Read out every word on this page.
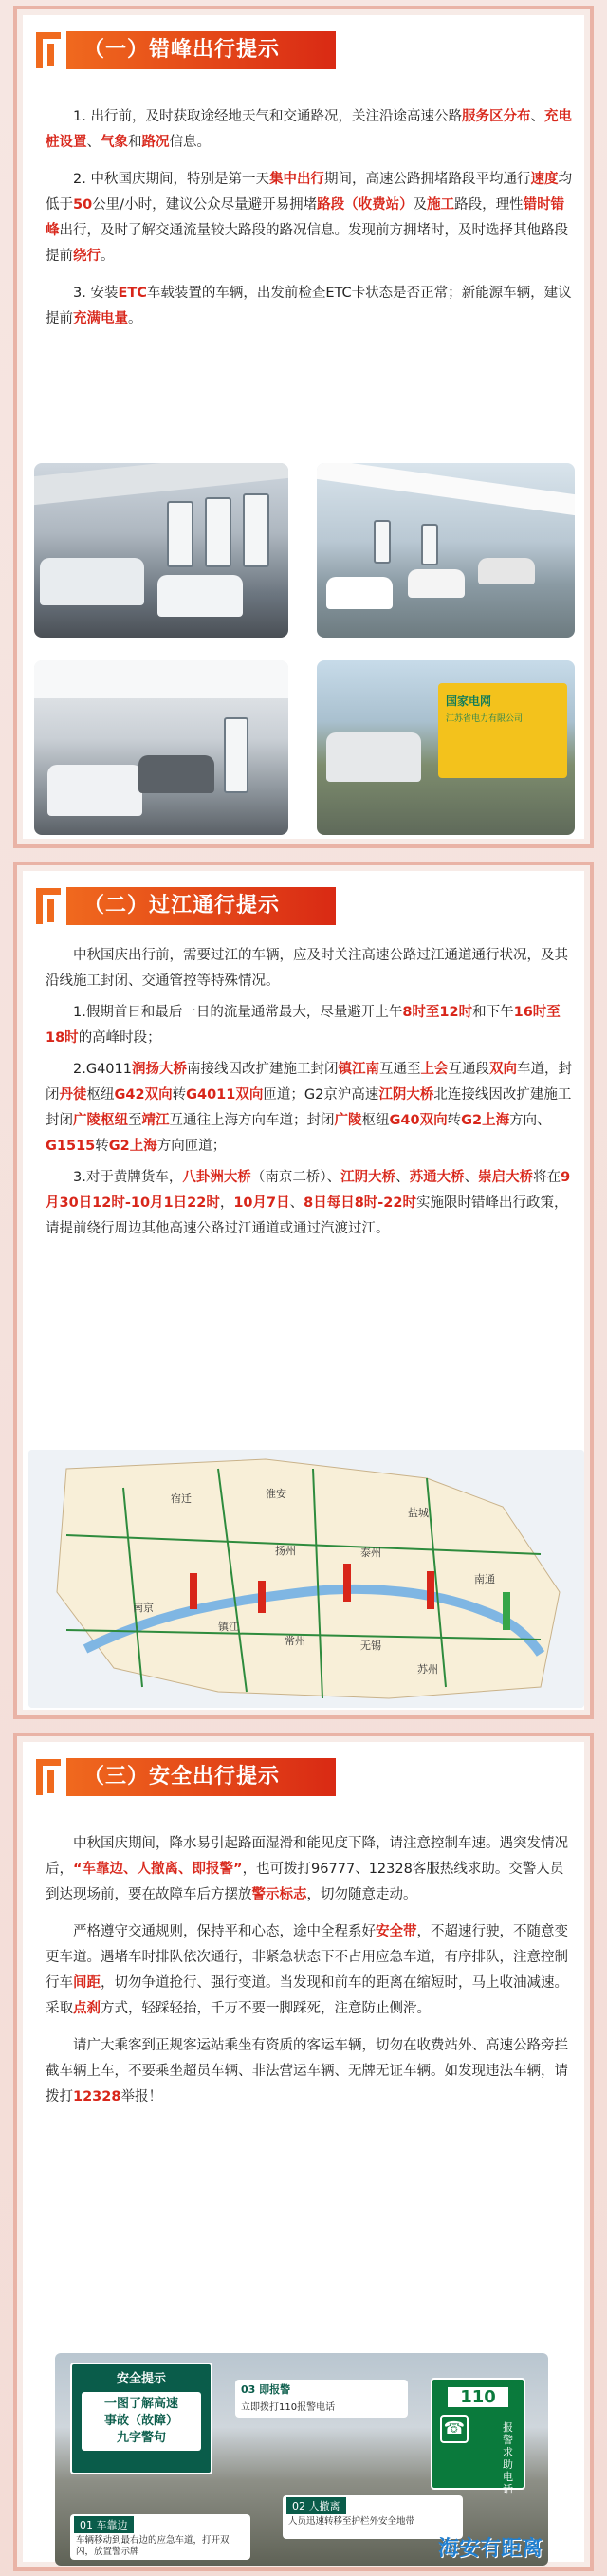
（一）错峰出行提示

1. 出行前，及时获取途经地天气和交通路况，关注沿途高速公路服务区分布、充电桩设置、气象和路况信息。

2. 中秋国庆期间，特别是第一天集中出行期间，高速公路拥堵路段平均通行速度均低于50公里/小时，建议公众尽量避开易拥堵路段（收费站）及施工路段，理性错时错峰出行，及时了解交通流量较大路段的路况信息。发现前方拥堵时，及时选择其他路段提前绕行。

3. 安装ETC车载装置的车辆，出发前检查ETC卡状态是否正常；新能源车辆，建议提前充满电量。

国家电网
江苏省电力有限公司
（二）过江通行提示

中秋国庆出行前，需要过江的车辆，应及时关注高速公路过江通道通行状况，及其沿线施工封闭、交通管控等特殊情况。

1.假期首日和最后一日的流量通常最大，尽量避开上午8时至12时和下午16时至18时的高峰时段；

2.G4011润扬大桥南接线因改扩建施工封闭镇江南互通至上会互通段双向车道，封闭丹徒枢纽G42双向转G4011双向匝道；G2京沪高速江阴大桥北连接线因改扩建施工封闭广陵枢纽至靖江互通往上海方向车道；封闭广陵枢纽G40双向转G2上海方向、G1515转G2上海方向匝道；

3.对于黄牌货车，八卦洲大桥（南京二桥）、江阴大桥、苏通大桥、崇启大桥将在9月30日12时-10月1日22时，10月7日、8日每日8时-22时实施限时错峰出行政策，请提前绕行周边其他高速公路过江通道或通过汽渡过江。

宿迁	淮安
盐城
扬州	泰州
南通
南京
镇江
常州	无锡
苏州
（三）安全出行提示

中秋国庆期间，降水易引起路面湿滑和能见度下降，请注意控制车速。遇突发情况后，“车靠边、人撤离、即报警”，也可拨打96777、12328客服热线求助。交警人员到达现场前，要在故障车后方摆放警示标志，切勿随意走动。

严格遵守交通规则，保持平和心态，途中全程系好安全带，不超速行驶，不随意变更车道。遇堵车时排队依次通行，非紧急状态下不占用应急车道，有序排队，注意控制行车间距，切勿争道抢行、强行变道。当发现和前车的距离在缩短时，马上收油减速。采取点刹方式，轻踩轻抬，千万不要一脚踩死，注意防止侧滑。

请广大乘客到正规客运站乘坐有资质的客运车辆，切勿在收费站外、高速公路旁拦截车辆上车，不要乘坐超员车辆、非法营运车辆、无牌无证车辆。如发现违法车辆，请拨打12328举报！

安全提示
一图了解高速
事故（故障）
九字警句
03 即报警
立即拨打110报警电话
110
☎	报警求助电话
01 车靠边
车辆移动到最右边的应急车道，打开双闪，放置警示牌
02 人撤离
人员迅速转移至护栏外安全地带
海安有距离
